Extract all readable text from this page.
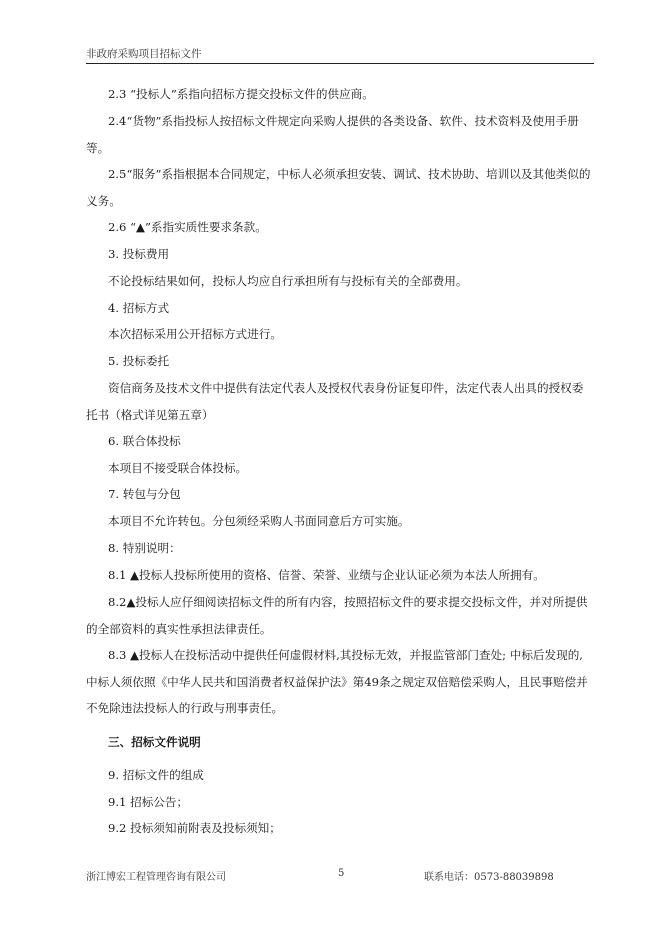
非政府采购项目招标文件

2.3 “投标人”系指向招标方提交投标文件的供应商。

2.4“货物”系指投标人按招标文件规定向采购人提供的各类设备、软件、技术资料及使用手册等。

2.5“服务”系指根据本合同规定，中标人必须承担安装、调试、技术协助、培训以及其他类似的义务。

2.6 “▲”系指实质性要求条款。

3. 投标费用

不论投标结果如何，投标人均应自行承担所有与投标有关的全部费用。

4. 招标方式

本次招标采用公开招标方式进行。

5. 投标委托

资信商务及技术文件中提供有法定代表人及授权代表身份证复印件，法定代表人出具的授权委托书（格式详见第五章）

6. 联合体投标

本项目不接受联合体投标。

7. 转包与分包

本项目不允许转包。分包须经采购人书面同意后方可实施。

8. 特别说明：

8.1 ▲投标人投标所使用的资格、信誉、荣誉、业绩与企业认证必须为本法人所拥有。

8.2▲投标人应仔细阅读招标文件的所有内容，按照招标文件的要求提交投标文件，并对所提供的全部资料的真实性承担法律责任。

8.3 ▲投标人在投标活动中提供任何虚假材料,其投标无效，并报监管部门查处; 中标后发现的,中标人须依照《中华人民共和国消费者权益保护法》第49条之规定双倍赔偿采购人，且民事赔偿并不免除违法投标人的行政与刑事责任。

三、招标文件说明

9. 招标文件的组成

9.1 招标公告；

9.2 投标须知前附表及投标须知；

浙江博宏工程管理咨询有限公司	5	联系电话：0573-88039898
